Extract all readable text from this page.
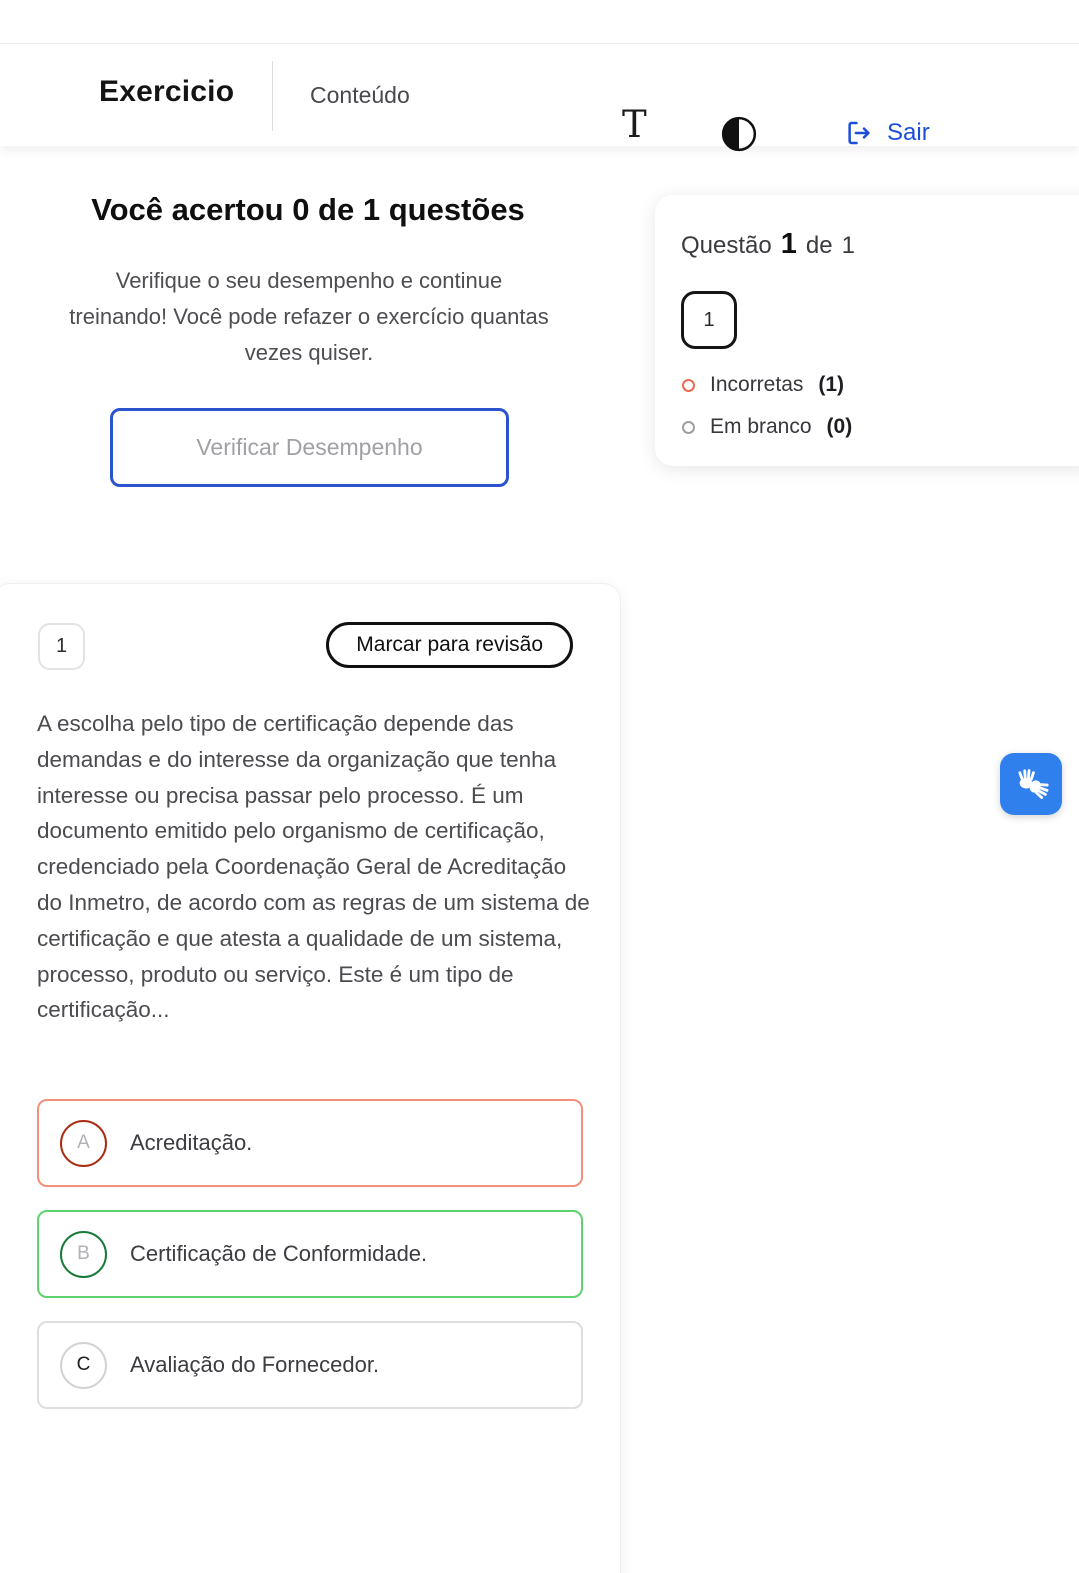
Exercicio	Conteúdo
T	Sair
Você acertou 0 de 1 questões

Verifique o seu desempenho e continue treinando! Você pode refazer o exercício quantas vezes quiser.

Verificar Desempenho
Questão 1 de 1
1
Incorretas (1)
Em branco (0)
1	Marcar para revisão

A escolha pelo tipo de certificação depende das demandas e do interesse da organização que tenha interesse ou precisa passar pelo processo. É um documento emitido pelo organismo de certificação, credenciado pela Coordenação Geral de Acreditação do Inmetro, de acordo com as regras de um sistema de certificação e que atesta a qualidade de um sistema, processo, produto ou serviço. Este é um tipo de certificação...

A	Acreditação.
B	Certificação de Conformidade.
C	Avaliação do Fornecedor.
